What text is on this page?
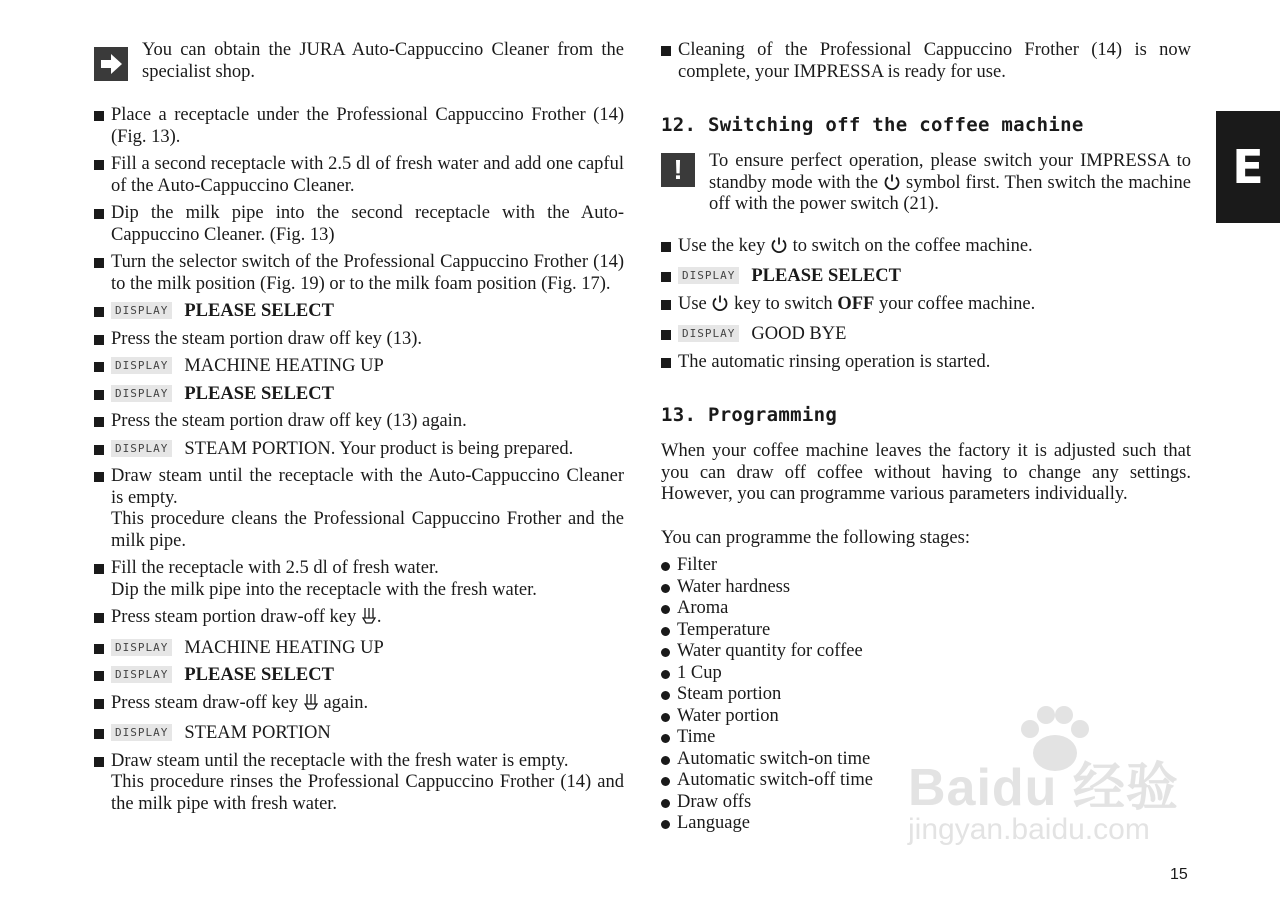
You can obtain the JURA Auto-Cappuccino Cleaner from the specialist shop.
Place a receptacle under the Professional Cappuccino Frother (14) (Fig. 13).
Fill a second receptacle with 2.5 dl of fresh water and add one capful of the Auto-Cappuccino Cleaner.
Dip the milk pipe into the second receptacle with the Auto-Cappuccino Cleaner. (Fig. 13)
Turn the selector switch of the Professional Cappuccino Frother (14) to the milk position (Fig. 19) or to the milk foam position (Fig. 17).
DISPLAY PLEASE SELECT
Press the steam portion draw off key (13).
DISPLAY MACHINE HEATING UP
DISPLAY PLEASE SELECT
Press the steam portion draw off key (13) again.
DISPLAY STEAM PORTION. Your product is being prepared.
Draw steam until the receptacle with the Auto-Cappuccino Cleaner is empty.
This procedure cleans the Professional Cappuccino Frother and the milk pipe.
Fill the receptacle with 2.5 dl of fresh water.
Dip the milk pipe into the receptacle with the fresh water.
Press steam portion draw-off key .
DISPLAY MACHINE HEATING UP
DISPLAY PLEASE SELECT
Press steam draw-off key again.
DISPLAY STEAM PORTION
Draw steam until the receptacle with the fresh water is empty.
This procedure rinses the Professional Cappuccino Frother (14) and the milk pipe with fresh water.
Cleaning of the Professional Cappuccino Frother (14) is now complete, your IMPRESSA is ready for use.
12. Switching off the coffee machine
!	To ensure perfect operation, please switch your IMPRESSA to standby mode with the symbol first. Then switch the machine off with the power switch (21).
Use the key to switch on the coffee machine.
DISPLAY PLEASE SELECT
Use key to switch OFF your coffee machine.
DISPLAY GOOD BYE
The automatic rinsing operation is started.
13. Programming
When your coffee machine leaves the factory it is adjusted such that you can draw off coffee without having to change any settings. However, you can programme various parameters individually.
You can programme the following stages:
Filter
Water hardness
Aroma
Temperature
Water quantity for coffee
1 Cup
Steam portion
Water portion
Time
Automatic switch-on time
Automatic switch-off time
Draw offs
Language
E
15
Baidu 经验
jingyan.baidu.com
